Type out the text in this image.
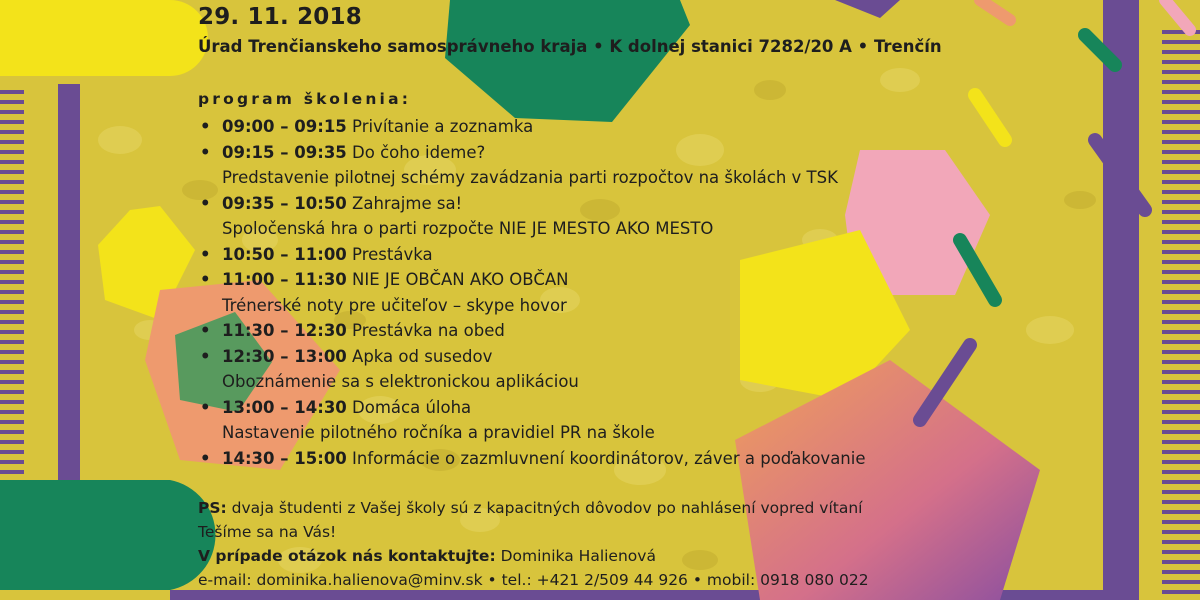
29. 11. 2018
Úrad Trenčianskeho samosprávneho kraja • K dolnej stanici 7282/20 A • Trenčín
program školenia:
• 09:00 – 09:15 Privítanie a zoznamka
• 09:15 – 09:35 Do čoho ideme?
Predstavenie pilotnej schémy zavádzania parti rozpočtov na školách v TSK
• 09:35 – 10:50 Zahrajme sa!
Spoločenská hra o parti rozpočte NIE JE MESTO AKO MESTO
• 10:50 – 11:00 Prestávka
• 11:00 – 11:30 NIE JE OBČAN AKO OBČAN
Trénerské noty pre učiteľov – skype hovor
• 11:30 – 12:30 Prestávka na obed
• 12:30 – 13:00 Apka od susedov
Oboznámenie sa s elektronickou aplikáciou
• 13:00 – 14:30 Domáca úloha
Nastavenie pilotného ročníka a pravidiel PR na škole
• 14:30 – 15:00 Informácie o zazmluvnení koordinátorov, záver a poďakovanie
PS: dvaja študenti z Vašej školy sú z kapacitných dôvodov po nahlásení vopred vítaní
Tešíme sa na Vás!
V prípade otázok nás kontaktujte: Dominika Halienová
e-mail: dominika.halienova@minv.sk • tel.: +421 2/509 44 926 • mobil: 0918 080 022
